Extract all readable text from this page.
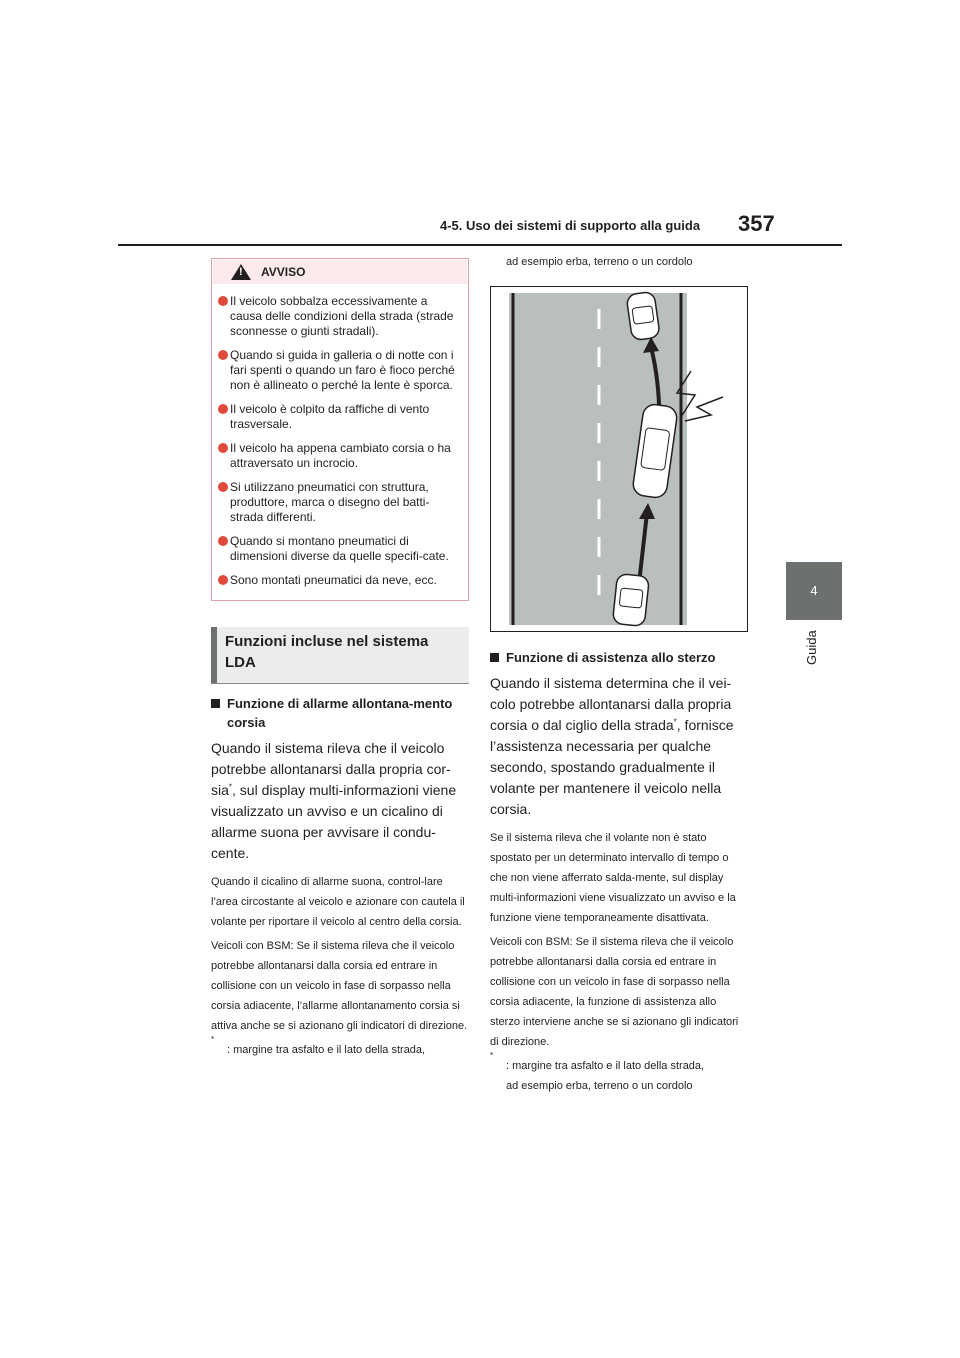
4-5. Uso dei sistemi di supporto alla guida 357
4
Guida
!
AVVISO
Il veicolo sobbalza eccessivamente a causa delle condizioni della strada (strade sconnesse o giunti stradali).
Quando si guida in galleria o di notte con i fari spenti o quando un faro è fioco perché non è allineato o perché la lente è sporca.
Il veicolo è colpito da raffiche di vento trasversale.
Il veicolo ha appena cambiato corsia o ha attraversato un incrocio.
Si utilizzano pneumatici con struttura, produttore, marca o disegno del batti-strada differenti.
Quando si montano pneumatici di dimensioni diverse da quelle specifi-cate.
Sono montati pneumatici da neve, ecc.
Funzioni incluse nel sistema LDA
Funzione di allarme allontana-mento corsia

Quando il sistema rileva che il veicolo potrebbe allontanarsi dalla propria cor-sia*, sul display multi-informazioni viene visualizzato un avviso e un cicalino di allarme suona per avvisare il condu-cente.

Quando il cicalino di allarme suona, control-lare l’area circostante al veicolo e azionare con cautela il volante per riportare il veicolo al centro della corsia.

Veicoli con BSM: Se il sistema rileva che il veicolo potrebbe allontanarsi dalla corsia ed entrare in collisione con un veicolo in fase di sorpasso nella corsia adiacente, l’allarme allontanamento corsia si attiva anche se si azionano gli indicatori di direzione.

*
: margine tra asfalto e il lato della strada,
ad esempio erba, terreno o un cordolo
Funzione di assistenza allo sterzo

Quando il sistema determina che il vei-colo potrebbe allontanarsi dalla propria corsia o dal ciglio della strada*, fornisce l’assistenza necessaria per qualche secondo, spostando gradualmente il volante per mantenere il veicolo nella corsia.

Se il sistema rileva che il volante non è stato spostato per un determinato intervallo di tempo o che non viene afferrato salda-mente, sul display multi-informazioni viene visualizzato un avviso e la funzione viene temporaneamente disattivata.

Veicoli con BSM: Se il sistema rileva che il veicolo potrebbe allontanarsi dalla corsia ed entrare in collisione con un veicolo in fase di sorpasso nella corsia adiacente, la funzione di assistenza allo sterzo interviene anche se si azionano gli indicatori di direzione.

*
: margine tra asfalto e il lato della strada,
ad esempio erba, terreno o un cordolo
